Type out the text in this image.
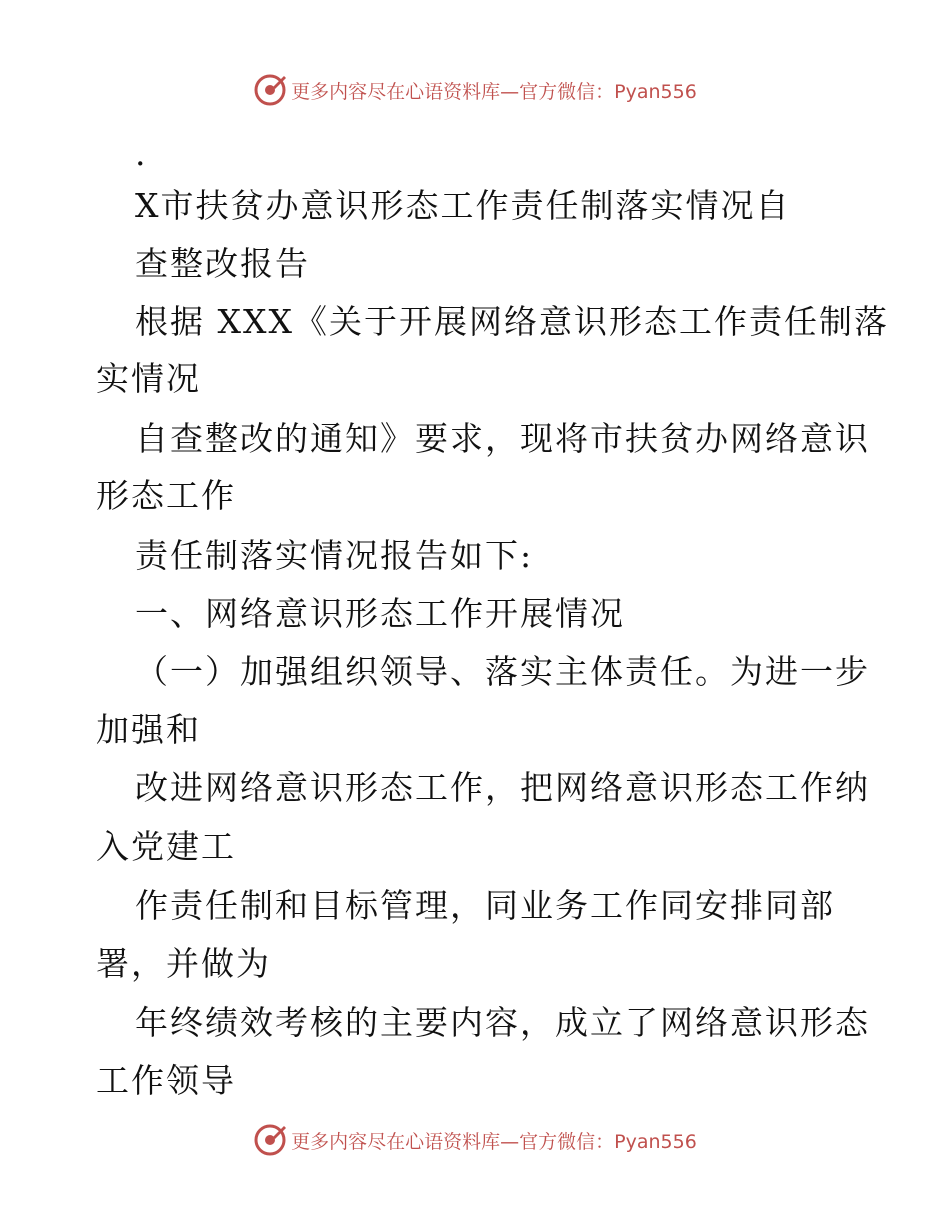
更多内容尽在心语资料库—官方微信：Pyan556
.
X市扶贫办意识形态工作责任制落实情况自
查整改报告
根据 XXX《关于开展网络意识形态工作责任制落
实情况
自查整改的通知》要求，现将市扶贫办网络意识
形态工作
责任制落实情况报告如下:
一、网络意识形态工作开展情况
（一）加强组织领导、落实主体责任。为进一步
加强和
改进网络意识形态工作，把网络意识形态工作纳
入党建工
作责任制和目标管理，同业务工作同安排同部
署，并做为
年终绩效考核的主要内容，成立了网络意识形态
工作领导
更多内容尽在心语资料库—官方微信：Pyan556
